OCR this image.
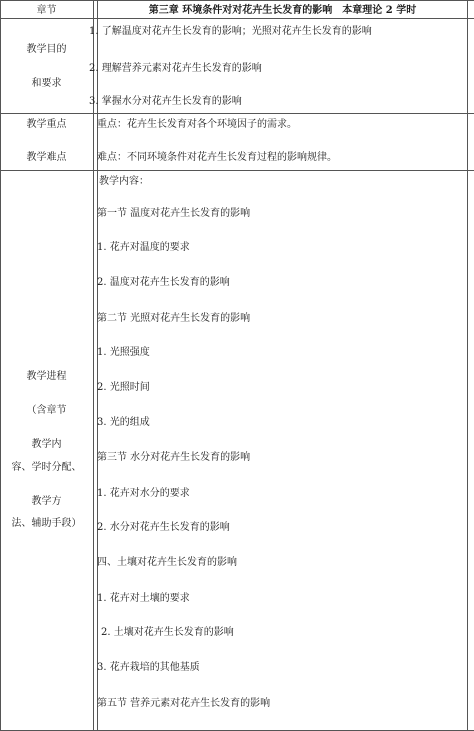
章节	第三章 环境条件对对花卉生长发育的影响　本章理论 2 学时
教学目的
和要求
1. 了解温度对花卉生长发育的影响；光照对花卉生长发育的影响
2. 理解营养元素对花卉生长发育的影响
3. 掌握水分对花卉生长发育的影响
教学重点
教学难点
重点：花卉生长发育对各个环境因子的需求。
难点：不同环境条件对花卉生长发育过程的影响规律。
教学进程
（含章节
教学内
容、学时分配、
教学方
法、辅助手段）
教学内容：
第一节 温度对花卉生长发育的影响
1. 花卉对温度的要求
2. 温度对花卉生长发育的影响
第二节 光照对花卉生长发育的影响
1. 光照强度
2. 光照时间
3. 光的组成
第三节 水分对花卉生长发育的影响
1. 花卉对水分的要求
2. 水分对花卉生长发育的影响
四、土壤对花卉生长发育的影响
1. 花卉对土壤的要求
2. 土壤对花卉生长发育的影响
3. 花卉栽培的其他基质
第五节 营养元素对花卉生长发育的影响
